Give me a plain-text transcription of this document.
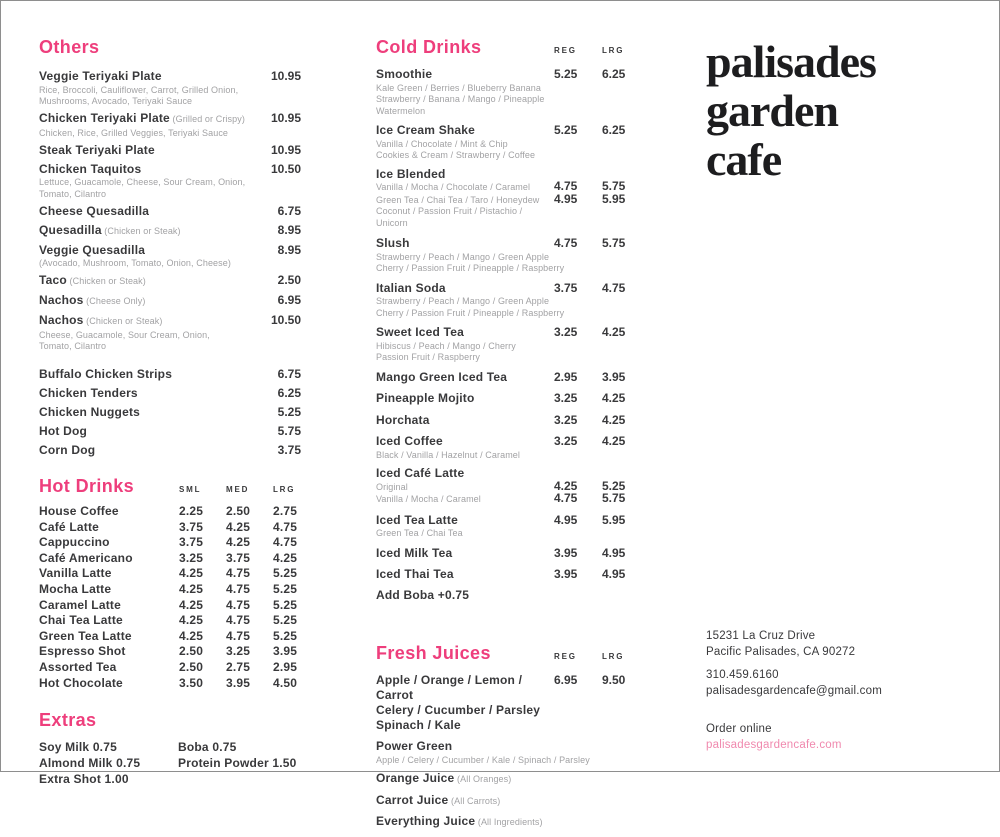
Others
Veggie Teriyaki Plate	10.95
Rice, Broccoli, Cauliflower, Carrot, Grilled Onion,
Mushrooms, Avocado, Teriyaki Sauce
Chicken Teriyaki Plate (Grilled or Crispy) 10.95
Chicken, Rice, Grilled Veggies, Teriyaki Sauce
Steak Teriyaki Plate	10.95
Chicken Taquitos	10.50
Lettuce, Guacamole, Cheese, Sour Cream, Onion,
Tomato, Cilantro
Cheese Quesadilla	6.75
Quesadilla (Chicken or Steak)	8.95
Veggie Quesadilla	8.95
(Avocado, Mushroom, Tomato, Onion, Cheese)
Taco (Chicken or Steak)	2.50
Nachos (Cheese Only)	6.95
Nachos (Chicken or Steak)	10.50
Cheese, Guacamole, Sour Cream, Onion,
Tomato, Cilantro
Buffalo Chicken Strips	6.75
Chicken Tenders	6.25
Chicken Nuggets	5.25
Hot Dog	5.75
Corn Dog	3.75
Hot Drinks	SML	MED	LRG
House Coffee	2.25	2.50	2.75
Café Latte	3.75	4.25	4.75
Cappuccino	3.75	4.25	4.75
Café Americano	3.25	3.75	4.25
Vanilla Latte	4.25	4.75	5.25
Mocha Latte	4.25	4.75	5.25
Caramel Latte	4.25	4.75	5.25
Chai Tea Latte	4.25	4.75	5.25
Green Tea Latte	4.25	4.75	5.25
Espresso Shot	2.50	3.25	3.95
Assorted Tea	2.50	2.75	2.95
Hot Chocolate	3.50	3.95	4.50
Extras
Soy Milk 0.75
Almond Milk 0.75
Extra Shot 1.00
Boba 0.75
Protein Powder 1.50
Cold Drinks	REG	LRG
Smoothie	5.25	6.25
Kale Green / Berries / Blueberry Banana
Strawberry / Banana / Mango / Pineapple
Watermelon
Ice Cream Shake	5.25	6.25
Vanilla / Chocolate / Mint & Chip
Cookies & Cream / Strawberry / Coffee
Ice Blended
Vanilla / Mocha / Chocolate / Caramel	4.75	5.75
Green Tea / Chai Tea / Taro / Honeydew	4.95	5.95
Coconut / Passion Fruit / Pistachio / Unicorn
Slush	4.75	5.75
Strawberry / Peach / Mango / Green Apple
Cherry / Passion Fruit / Pineapple / Raspberry
Italian Soda	3.75	4.75
Strawberry / Peach / Mango / Green Apple
Cherry / Passion Fruit / Pineapple / Raspberry
Sweet Iced Tea	3.25	4.25
Hibiscus / Peach / Mango / Cherry
Passion Fruit / Raspberry
Mango Green Iced Tea	2.95	3.95
Pineapple Mojito	3.25	4.25
Horchata	3.25	4.25
Iced Coffee	3.25	4.25
Black / Vanilla / Hazelnut / Caramel
Iced Café Latte
Original	4.25	5.25
Vanilla / Mocha / Caramel	4.75	5.75
Iced Tea Latte	4.95	5.95
Green Tea / Chai Tea
Iced Milk Tea	3.95	4.95
Iced Thai Tea	3.95	4.95
Add Boba +0.75
Fresh Juices	REG	LRG
Apple / Orange / Lemon / Carrot
Celery / Cucumber / Parsley
Spinach / Kale
6.95	9.50
Power Green
Apple / Celery / Cucumber / Kale / Spinach / Parsley
Orange Juice (All Oranges)
Carrot Juice (All Carrots)
Everything Juice (All Ingredients)
palisades
garden
cafe

15231 La Cruz Drive
Pacific Palisades, CA 90272

310.459.6160
palisadesgardencafe@gmail.com

Order online
palisadesgardencafe.com
